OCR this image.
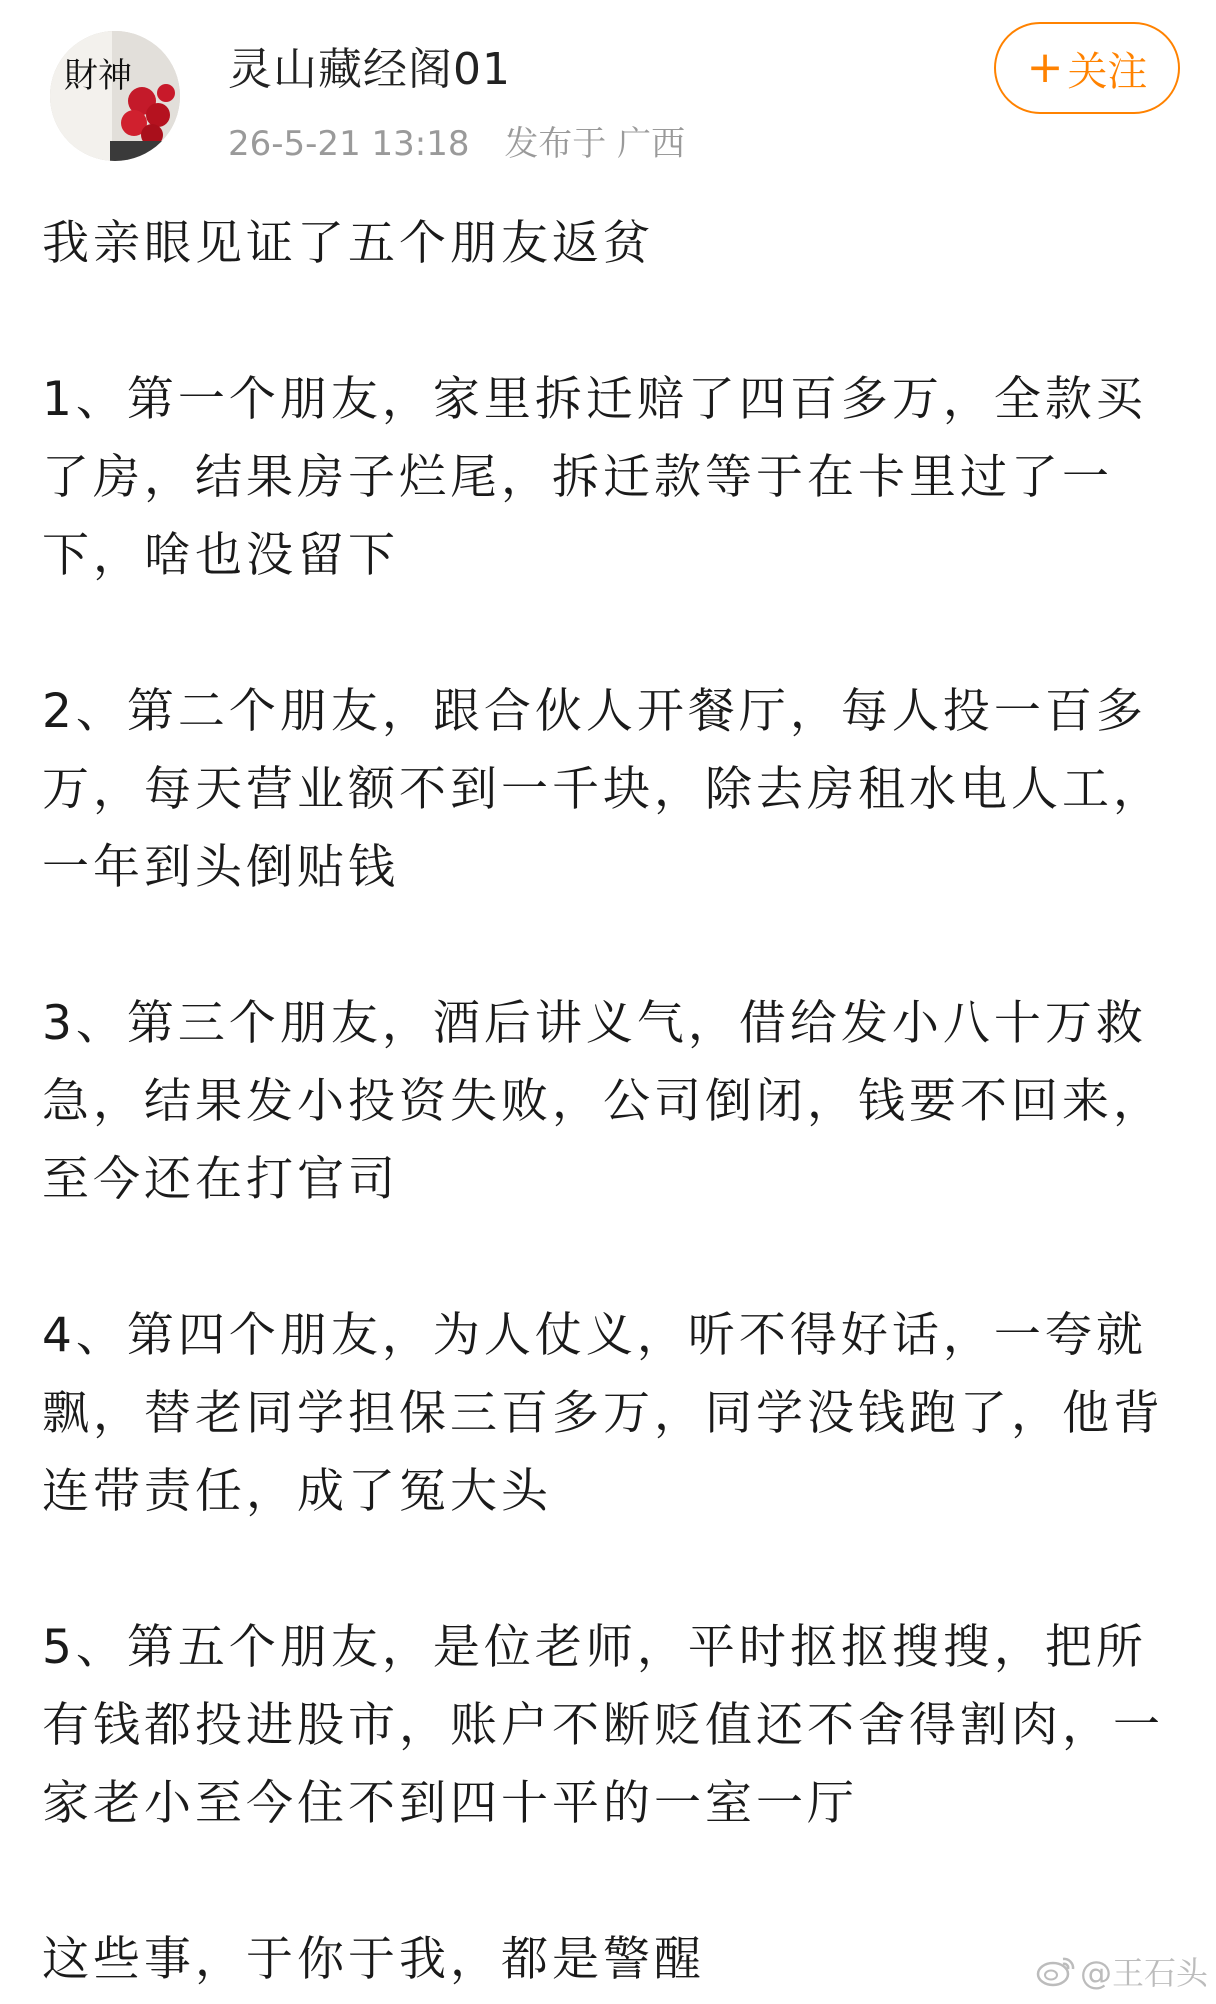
財神 灵山藏经阁01
26-5-21 13:18 发布于 广西
+ 关注

我亲眼见证了五个朋友返贫

1、第一个朋友，家里拆迁赔了四百多万，全款买了房，结果房子烂尾，拆迁款等于在卡里过了一下，啥也没留下

2、第二个朋友，跟合伙人开餐厅，每人投一百多万，每天营业额不到一千块，除去房租水电人工，一年到头倒贴钱

3、第三个朋友，酒后讲义气，借给发小八十万救急，结果发小投资失败，公司倒闭，钱要不回来，至今还在打官司

4、第四个朋友，为人仗义，听不得好话，一夸就飘，替老同学担保三百多万，同学没钱跑了，他背连带责任，成了冤大头

5、第五个朋友，是位老师，平时抠抠搜搜，把所有钱都投进股市，账户不断贬值还不舍得割肉，一家老小至今住不到四十平的一室一厅

这些事，于你于我，都是警醒	@王石头
